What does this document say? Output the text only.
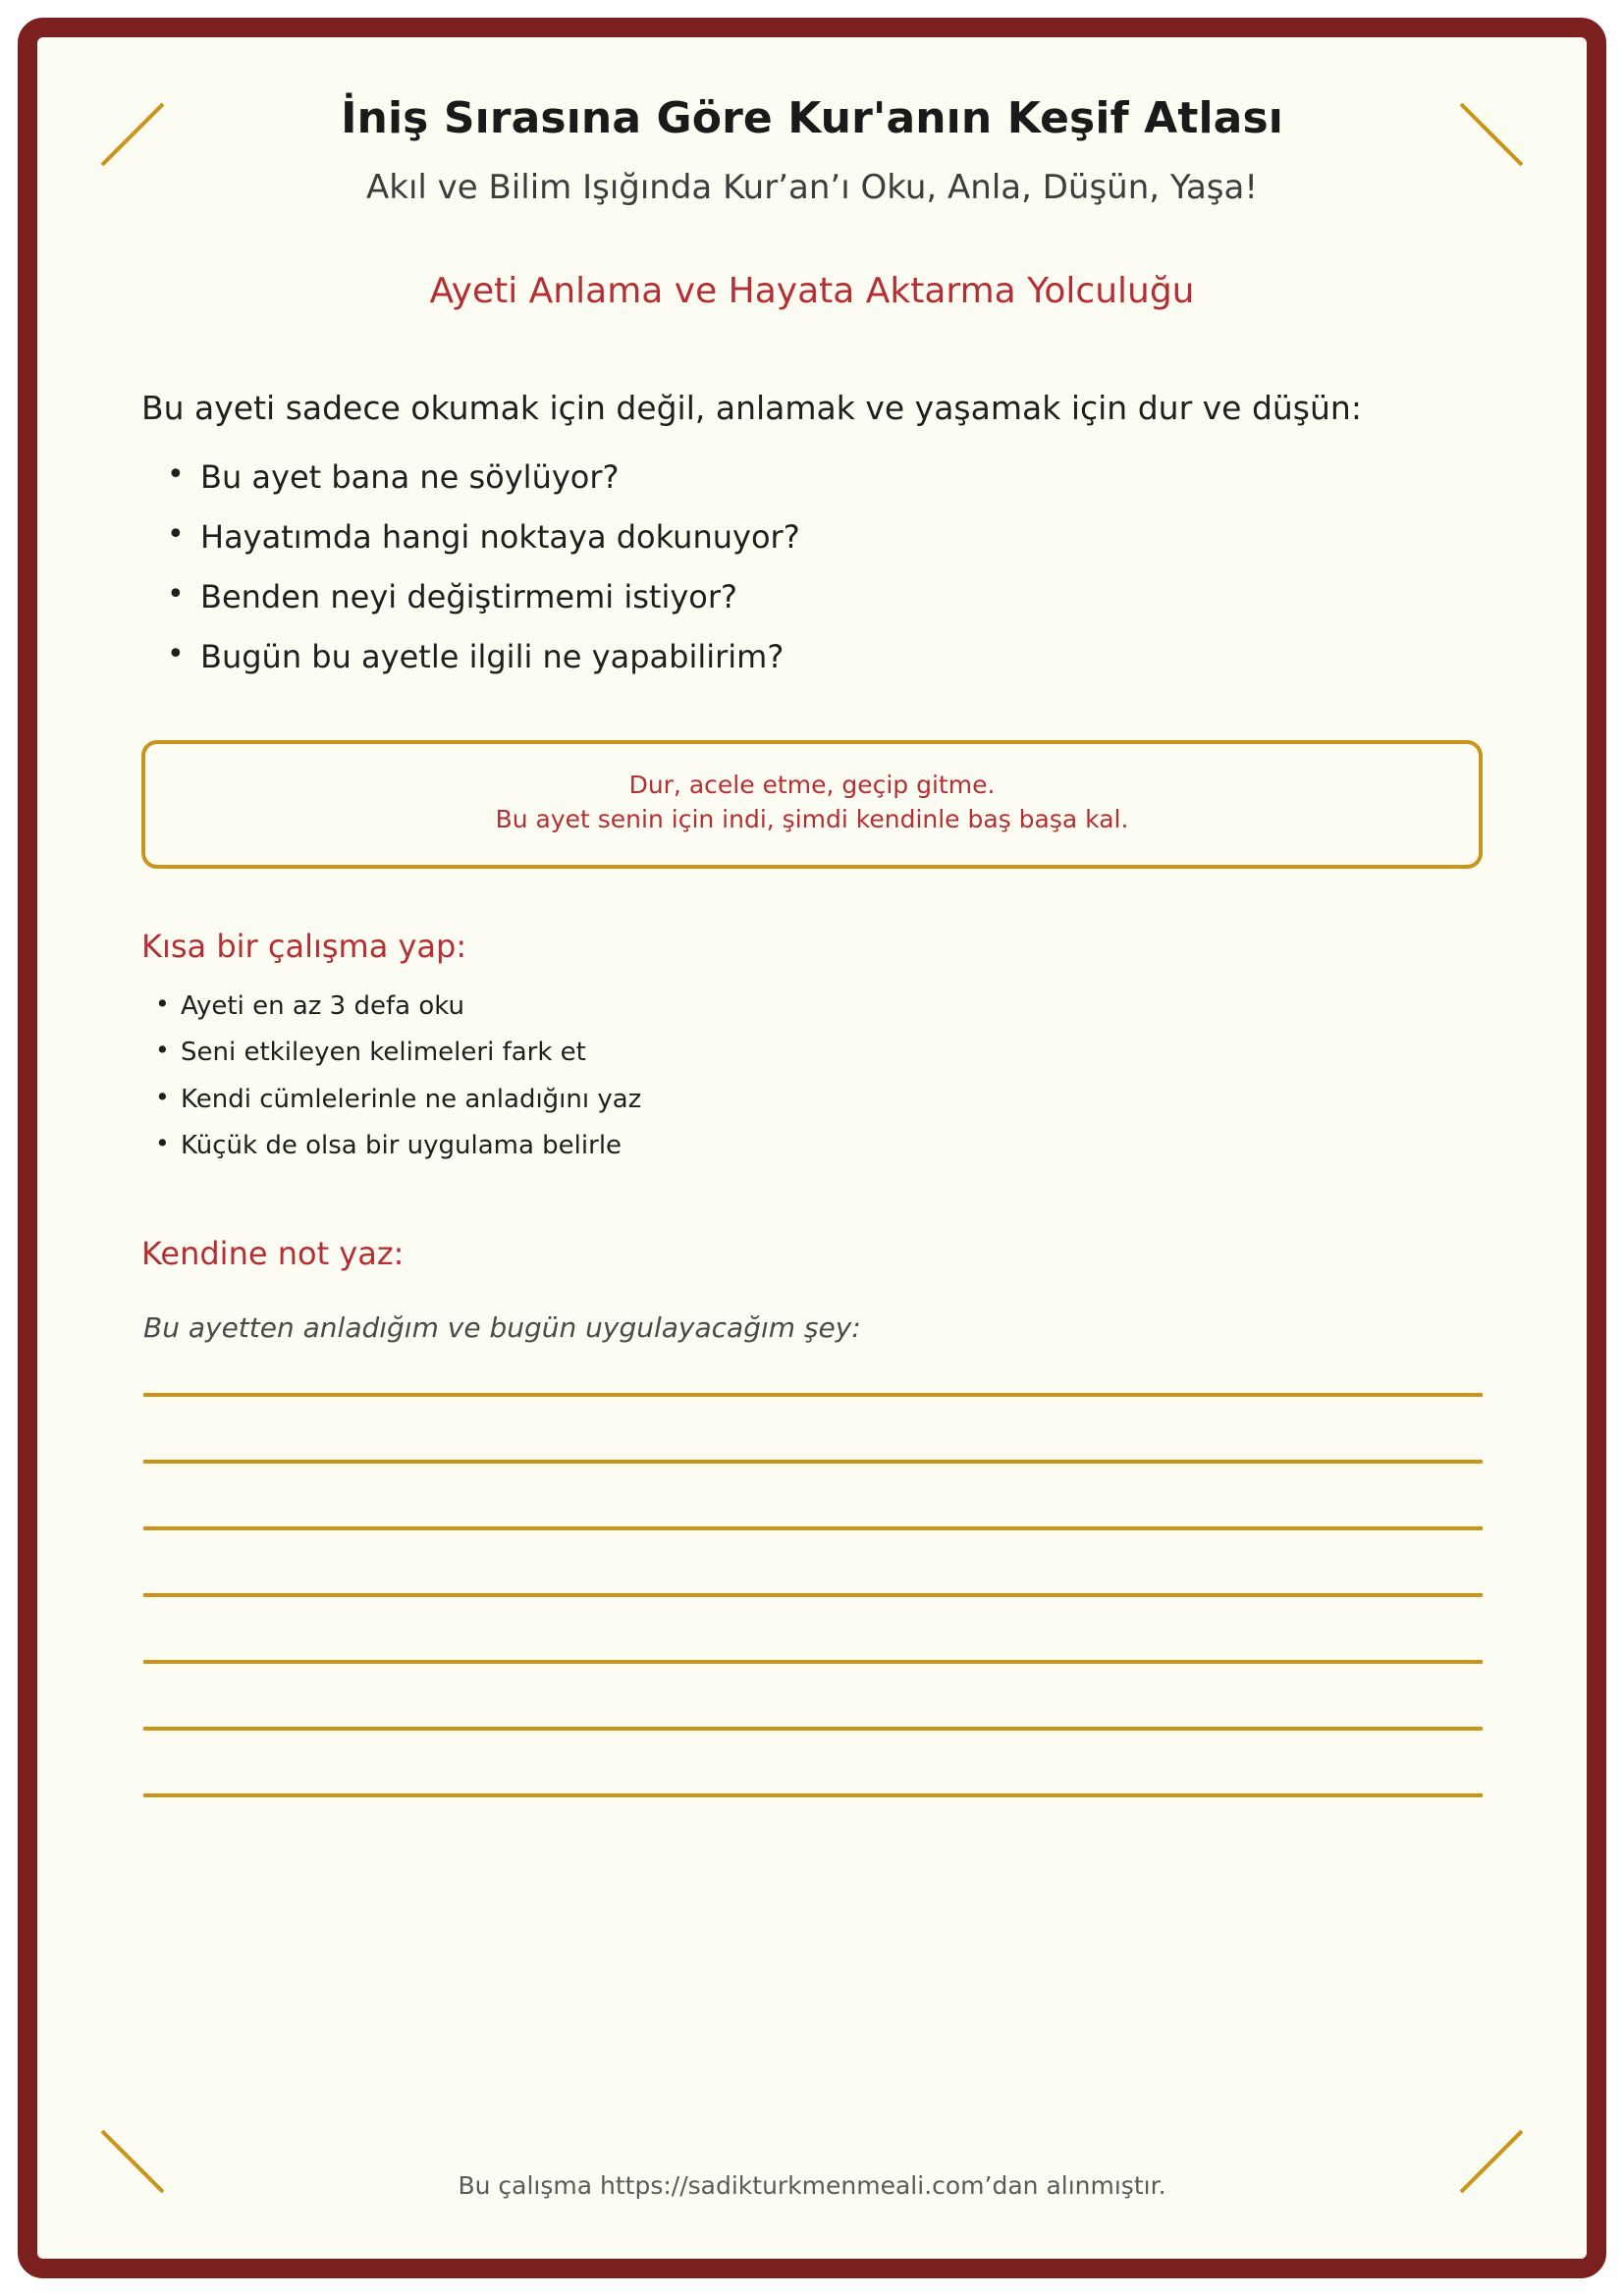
İniş Sırasına Göre Kur'anın Keşif Atlası
Akıl ve Bilim Işığında Kur’an’ı Oku, Anla, Düşün, Yaşa!
Ayeti Anlama ve Hayata Aktarma Yolculuğu

Bu ayeti sadece okumak için değil, anlamak ve yaşamak için dur ve düşün:

• Bu ayet bana ne söylüyor?
• Hayatımda hangi noktaya dokunuyor?
• Benden neyi değiştirmemi istiyor?
• Bugün bu ayetle ilgili ne yapabilirim?
Dur, acele etme, geçip gitme.
Bu ayet senin için indi, şimdi kendinle baş başa kal.
Kısa bir çalışma yap:
• Ayeti en az 3 defa oku
• Seni etkileyen kelimeleri fark et
• Kendi cümlelerinle ne anladığını yaz
• Küçük de olsa bir uygulama belirle
Kendine not yaz:

Bu ayetten anladığım ve bugün uygulayacağım şey:

Bu çalışma https://sadikturkmenmeali.com’dan alınmıştır.
